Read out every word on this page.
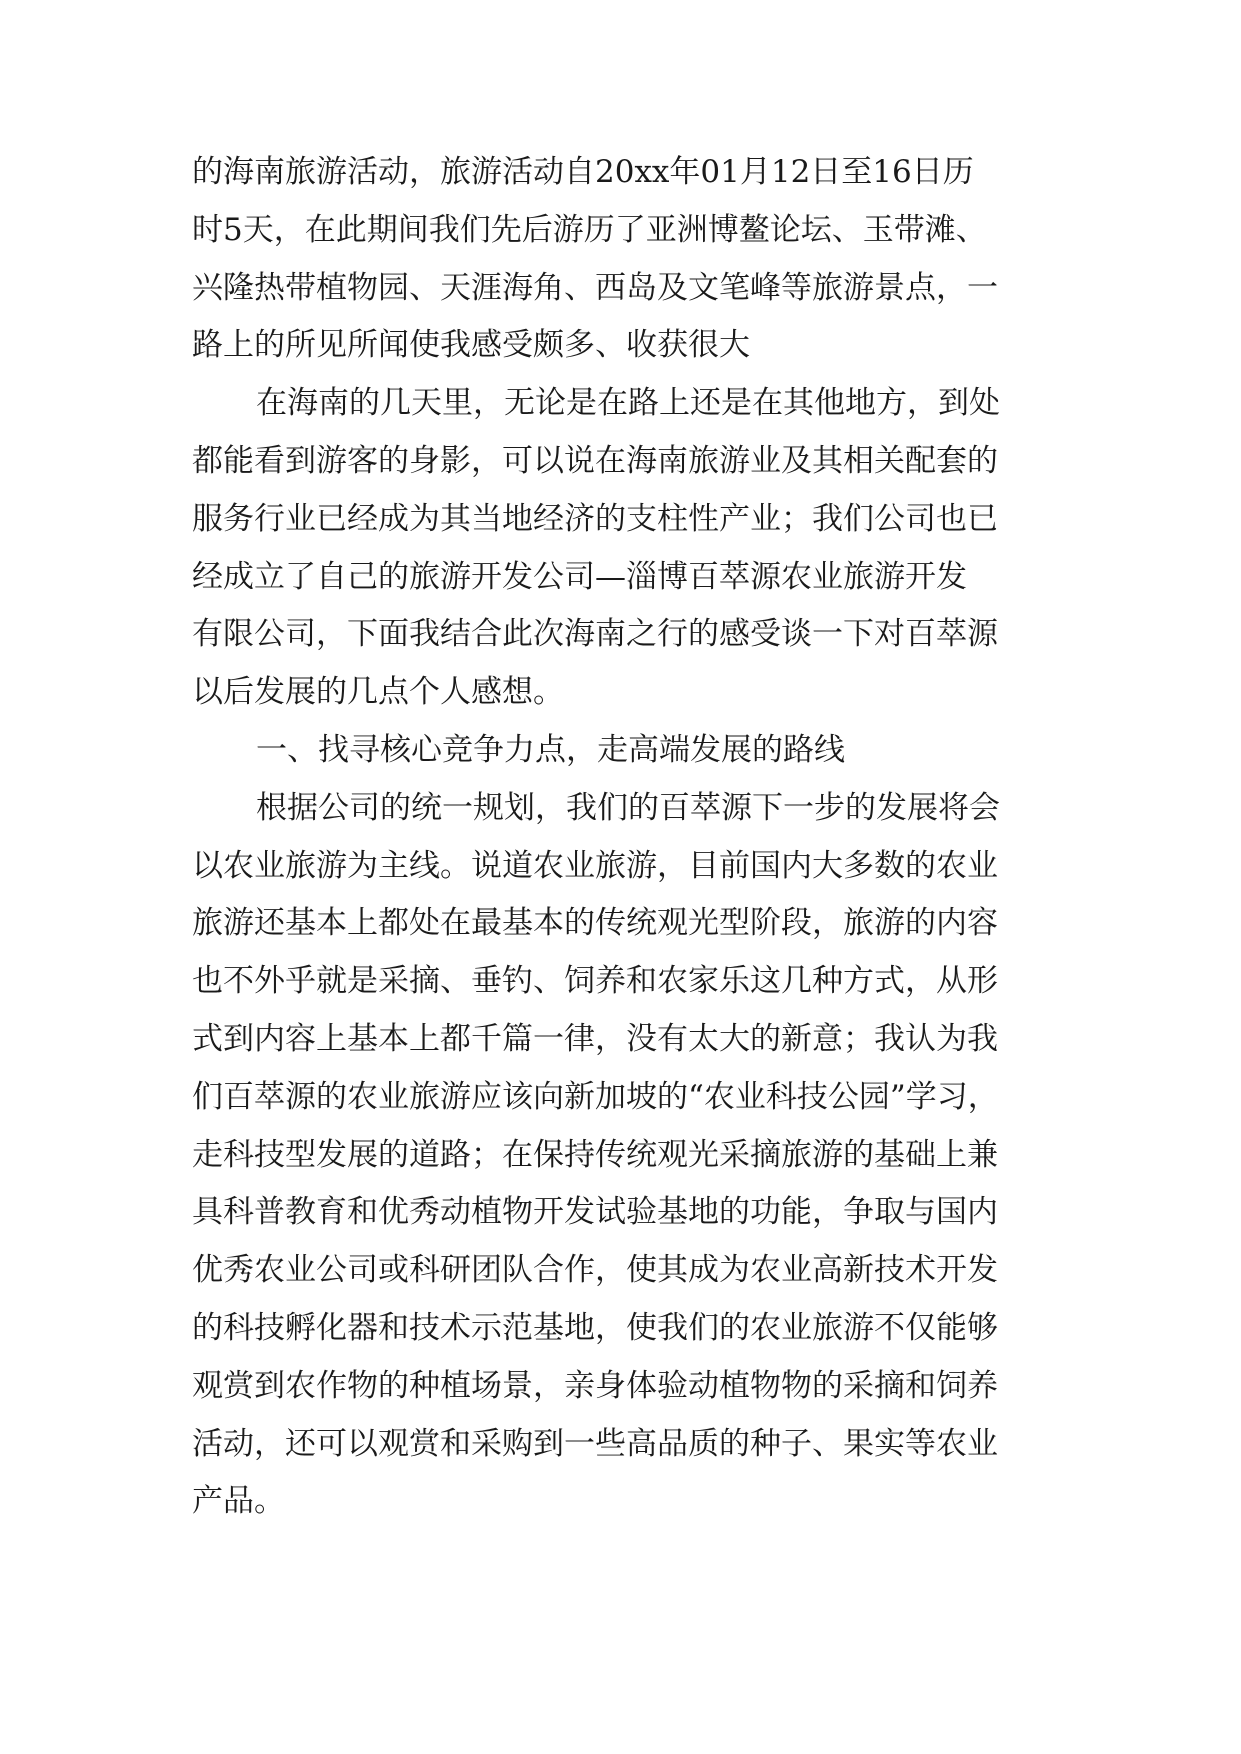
的海南旅游活动，旅游活动自20xx年01月12日至16日历
时5天，在此期间我们先后游历了亚洲博鳌论坛、玉带滩、
兴隆热带植物园、天涯海角、西岛及文笔峰等旅游景点，一
路上的所见所闻使我感受颇多、收获很大
在海南的几天里，无论是在路上还是在其他地方，到处
都能看到游客的身影，可以说在海南旅游业及其相关配套的
服务行业已经成为其当地经济的支柱性产业；我们公司也已
经成立了自己的旅游开发公司—淄博百萃源农业旅游开发
有限公司，下面我结合此次海南之行的感受谈一下对百萃源
以后发展的几点个人感想。
一、找寻核心竞争力点，走高端发展的路线
根据公司的统一规划，我们的百萃源下一步的发展将会
以农业旅游为主线。说道农业旅游，目前国内大多数的农业
旅游还基本上都处在最基本的传统观光型阶段，旅游的内容
也不外乎就是采摘、垂钓、饲养和农家乐这几种方式，从形
式到内容上基本上都千篇一律，没有太大的新意；我认为我
们百萃源的农业旅游应该向新加坡的“农业科技公园”学习，
走科技型发展的道路；在保持传统观光采摘旅游的基础上兼
具科普教育和优秀动植物开发试验基地的功能，争取与国内
优秀农业公司或科研团队合作，使其成为农业高新技术开发
的科技孵化器和技术示范基地，使我们的农业旅游不仅能够
观赏到农作物的种植场景，亲身体验动植物物的采摘和饲养
活动，还可以观赏和采购到一些高品质的种子、果实等农业
产品。
